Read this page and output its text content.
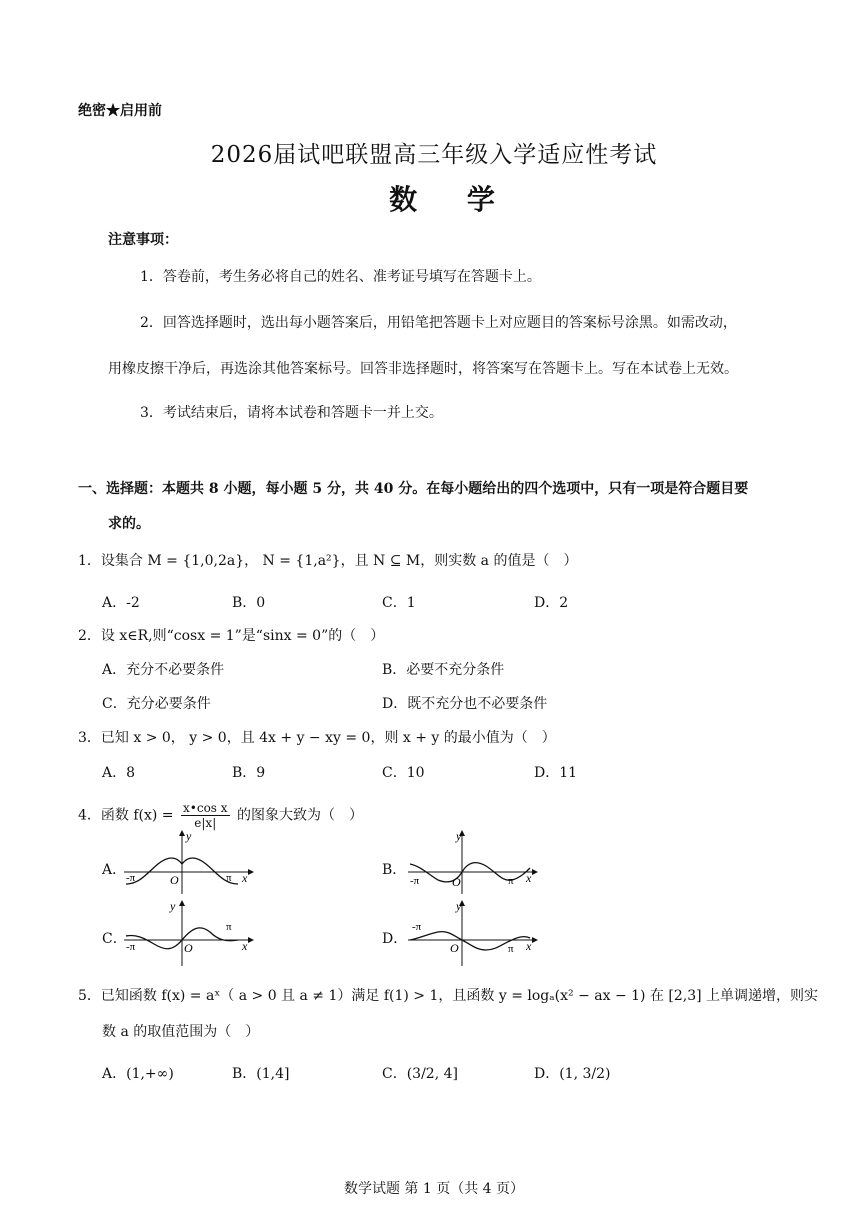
绝密★启用前
2026届试吧联盟高三年级入学适应性考试
数 学
注意事项：
1．答卷前，考生务必将自己的姓名、准考证号填写在答题卡上。
2．回答选择题时，选出每小题答案后，用铅笔把答题卡上对应题目的答案标号涂黑。如需改动，
用橡皮擦干净后，再选涂其他答案标号。回答非选择题时，将答案写在答题卡上。写在本试卷上无效。
3．考试结束后，请将本试卷和答题卡一并上交。
一、选择题：本题共 8 小题，每小题 5 分，共 40 分。在每小题给出的四个选项中，只有一项是符合题目要
求的。
1．设集合 M = {1,0,2a}， N = {1,a²}，且 N ⊆ M，则实数 a 的值是（　）
A．-2	B．0	C．1	D．2
2．设 x∈R,则“cosx = 1”是“sinx = 0”的（　）
A．充分不必要条件	B．必要不充分条件
C．充分必要条件	D．既不充分也不必要条件
3．已知 x > 0， y > 0，且 4x + y − xy = 0，则 x + y 的最小值为（　）
A．8	B．9	C．10	D．11
4．函数 $f(x) = \frac{\text{x•cos x}}{e|x|}$ 的图象大致为（　）
A．	B．
C．	D．
y
x
O
-π	π
y
x
O
-π	π
y
x
O
-π
π
y
x
O
-π
π
5．已知函数 f(x) = aˣ（ a > 0 且 a ≠ 1）满足 f(1) > 1，且函数 y = logₐ(x² − ax − 1) 在 [2,3] 上单调递增，则实
数 a 的取值范围为（　）
A．(1,+∞)	B．(1,4]	C．(3/2, 4]	D．(1, 3/2)
数学试题 第 1 页（共 4 页）
